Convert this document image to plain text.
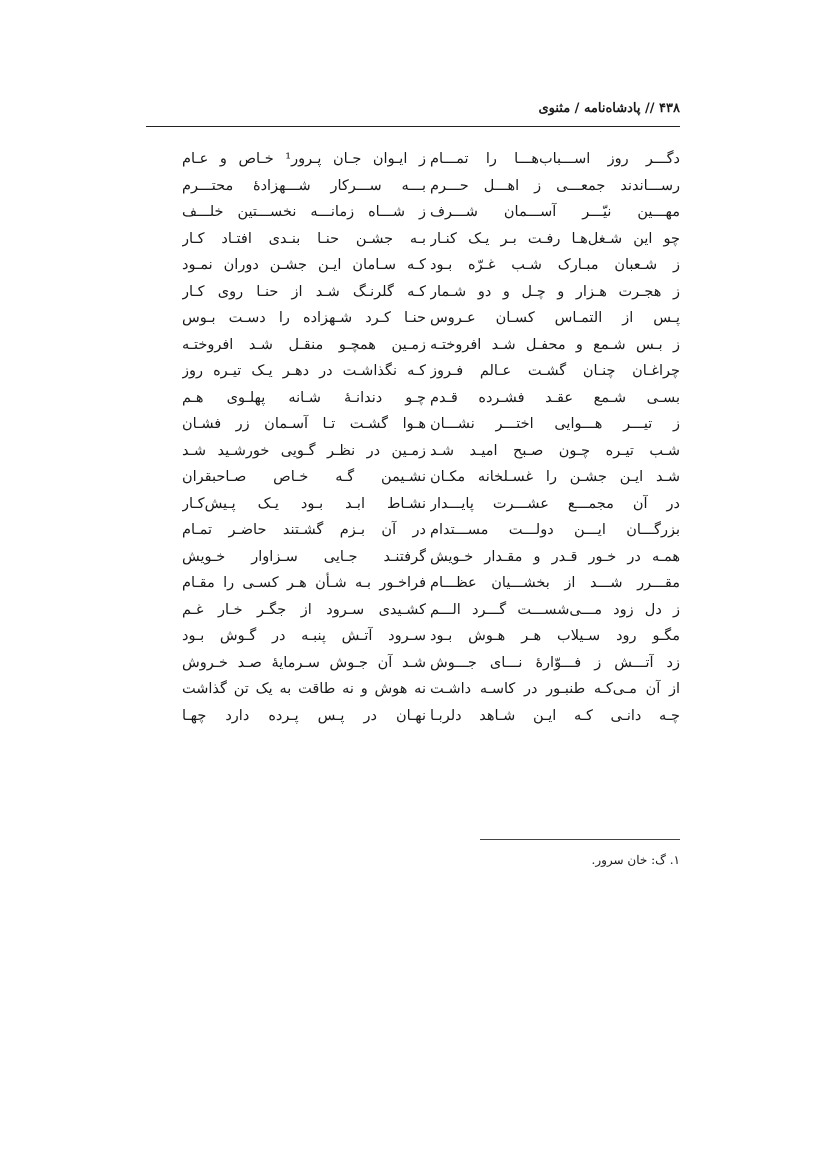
۴۳۸ // پادشاه‌نامه / مثنوی
دگـــر روز اســـباب‌هـــا را تمـــام
رســـاندند جمعـــی ز اهـــل حـــرم
مهـــین نیّـــر آســـمان شـــرف
چو این شـغل‌هـا رفـت بـر یـک کنـار
ز شـعبان مبـارک شـب غـرّه بـود
ز هجـرت هـزار و چـل و دو شـمار
پـس از التمـاس کسـان عـروس
ز بـس شـمع و محفـل شـد افروختـه
چراغـان چنـان گشـت عـالم فـروز
بسـی شـمع عقـد فشـرده قـدم
ز تیـــر هـــوایی اختـــر نشـــان
شـب تیـره چـون صـبح امیـد شـد
شـد ایـن جشـن را غسـلخانه مکـان
در آن مجمـــع عشـــرت پایـــدار
بزرگـــان ایـــن دولـــت مســـتدام
همـه در خـور قـدر و مقـدار خـویش
مقـــرر شـــد از بخشـــیان عظـــام
ز دل زود مـــی‌شســـت گـــرد الـــم
مگـو رود سـیلاب هـر هـوش بـود
زد آتـــش ز فـــوّارهٔ نـــای جـــوش
از آن مـی‌کـه طنبـور در کاسـه داشـت
چـه دانـی کـه ایـن شـاهد دلربـا
ز ایـوان جـان پـرور¹ خـاص و عـام
بـــه ســـرکار شـــهزادهٔ محتـــرم
ز شـــاه زمانـــه نخســـتین خلـــف
بـه جشـن حنـا بنـدی افتـاد کـار
کـه سـامان ایـن جشـن دوران نمـود
کـه گلرنـگ شـد از حنـا روی کـار
حنـا کـرد شـهزاده را دسـت بـوس
زمـین همچـو منقـل شـد افروختـه
کـه نگذاشـت در دهـر یـک تیـره روز
چـو دندانـهٔ شـانه پهلـوی هـم
هـوا گشـت تـا آسـمان زر فشـان
زمـین در نظـر گـویی خورشـید شـد
نشـیمن گـه خـاص صـاحبقران
نشـاط ابـد بـود یـک پـیش‌کـار
در آن بـزم گشـتند حاضـر تمـام
گرفتنـد جـایی سـزاوار خـویش
فراخـور بـه شـأن هـر کسـی را مقـام
کشـیدی سـرود از جگـر خـار غـم
سـرود آتـش پنبـه در گـوش بـود
شـد آن جـوش سـرمایهٔ صـد خـروش
نه هوش و نه طاقت به یک تن گذاشت
نهـان در پـس پـرده دارد چهـا
۱. گ: خان سرور.
